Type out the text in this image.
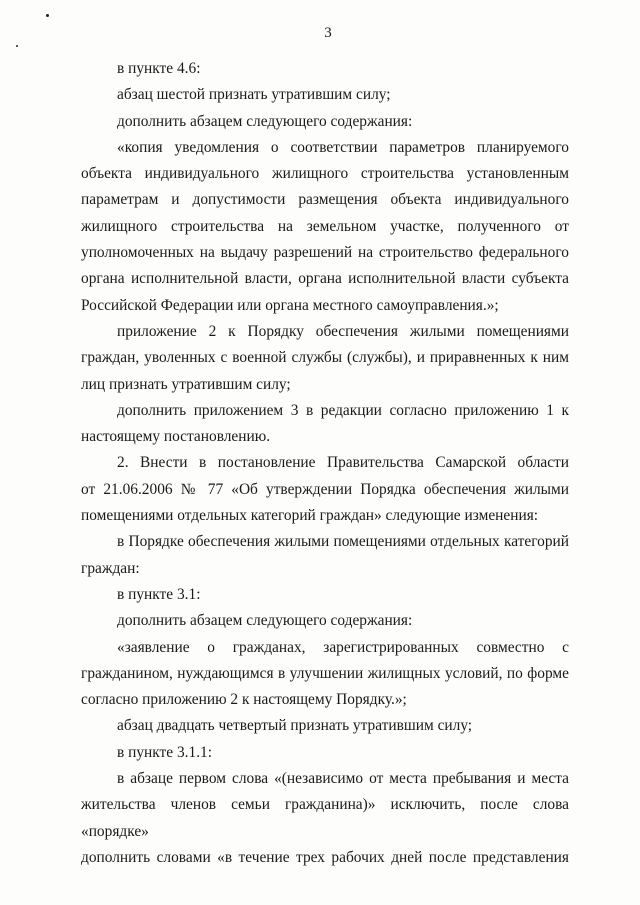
3

в пункте 4.6:

абзац шестой признать утратившим силу;

дополнить абзацем следующего содержания:

«копия уведомления о соответствии параметров планируемого

объекта индивидуального жилищного строительства установленным

параметрам и допустимости размещения объекта индивидуального

жилищного строительства на земельном участке, полученного от

уполномоченных на выдачу разрешений на строительство федерального

органа исполнительной власти, органа исполнительной власти субъекта

Российской Федерации или органа местного самоуправления.»;

приложение 2 к Порядку обеспечения жилыми помещениями

граждан, уволенных с военной службы (службы), и приравненных к ним

лиц признать утратившим силу;

дополнить приложением 3 в редакции согласно приложению 1 к

настоящему постановлению.

2. Внести в постановление Правительства Самарской области

от 21.06.2006 № 77 «Об утверждении Порядка обеспечения жилыми

помещениями отдельных категорий граждан» следующие изменения:

в Порядке обеспечения жилыми помещениями отдельных категорий

граждан:

в пункте 3.1:

дополнить абзацем следующего содержания:

«заявление о гражданах, зарегистрированных совместно с

гражданином, нуждающимся в улучшении жилищных условий, по форме

согласно приложению 2 к настоящему Порядку.»;

абзац двадцать четвертый признать утратившим силу;

в пункте 3.1.1:

в абзаце первом слова «(независимо от места пребывания и места

жительства членов семьи гражданина)» исключить, после слова «порядке»

дополнить словами «в течение трех рабочих дней после представления
